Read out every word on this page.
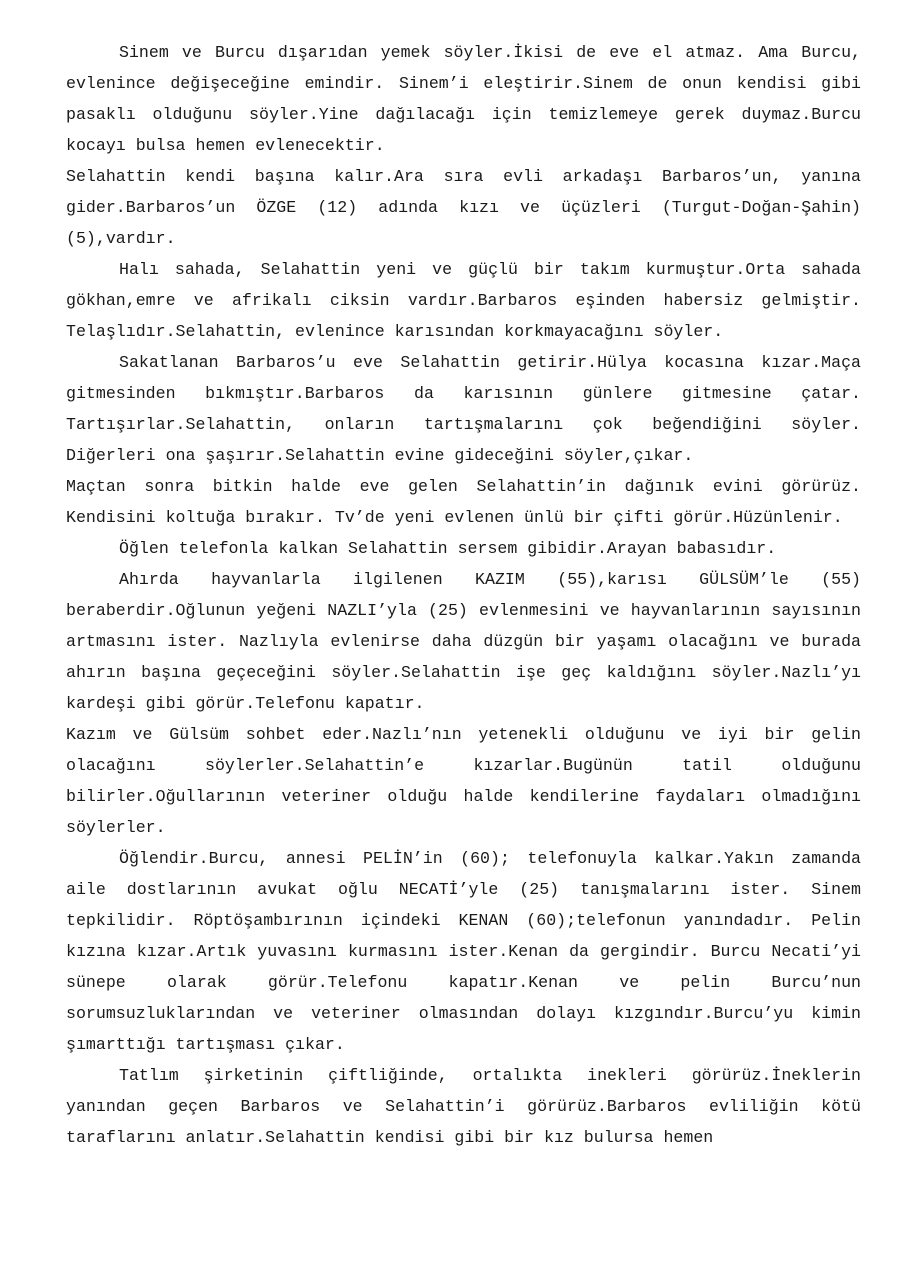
Sinem ve Burcu dışarıdan yemek söyler.İkisi de eve el atmaz. Ama Burcu, evlenince değişeceğine emindir. Sinem’i eleştirir.Sinem de onun kendisi gibi pasaklı olduğunu söyler.Yine dağılacağı için temizlemeye gerek duymaz.Burcu kocayı bulsa hemen evlenecektir.

Selahattin kendi başına kalır.Ara sıra evli arkadaşı Barbaros’un, yanına gider.Barbaros’un ÖZGE (12) adında kızı ve üçüzleri (Turgut-Doğan-Şahin)(5),vardır.

Halı sahada, Selahattin yeni ve güçlü bir takım kurmuştur.Orta sahada gökhan,emre ve afrikalı ciksin vardır.Barbaros eşinden habersiz gelmiştir. Telaşlıdır.Selahattin, evlenince karısından korkmayacağını söyler.

Sakatlanan Barbaros’u eve Selahattin getirir.Hülya kocasına kızar.Maça gitmesinden bıkmıştır.Barbaros da karısının günlere gitmesine çatar. Tartışırlar.Selahattin, onların tartışmalarını çok beğendiğini söyler. Diğerleri ona şaşırır.Selahattin evine gideceğini söyler,çıkar.

Maçtan sonra bitkin halde eve gelen Selahattin’in dağınık evini görürüz. Kendisini koltuğa bırakır. Tv’de yeni evlenen ünlü bir çifti görür.Hüzünlenir.

Öğlen telefonla kalkan Selahattin sersem gibidir.Arayan babasıdır.

Ahırda hayvanlarla ilgilenen KAZIM (55),karısı GÜLSÜM’le (55) beraberdir.Oğlunun yeğeni NAZLI’yla (25) evlenmesini ve hayvanlarının sayısının artmasını ister. Nazlıyla evlenirse daha düzgün bir yaşamı olacağını ve burada ahırın başına geçeceğini söyler.Selahattin işe geç kaldığını söyler.Nazlı’yı kardeşi gibi görür.Telefonu kapatır.

Kazım ve Gülsüm sohbet eder.Nazlı’nın yetenekli olduğunu ve iyi bir gelin olacağını söylerler.Selahattin’e kızarlar.Bugünün tatil olduğunu bilirler.Oğullarının veteriner olduğu halde kendilerine faydaları olmadığını söylerler.

Öğlendir.Burcu, annesi PELİN’in (60); telefonuyla kalkar.Yakın zamanda aile dostlarının avukat oğlu NECATİ’yle (25) tanışmalarını ister. Sinem tepkilidir. Röptöşambırının içindeki KENAN (60);telefonun yanındadır. Pelin kızına kızar.Artık yuvasını kurmasını ister.Kenan da gergindir. Burcu Necati’yi sünepe olarak görür.Telefonu kapatır.Kenan ve pelin Burcu’nun sorumsuzluklarından ve veteriner olmasından dolayı kızgındır.Burcu’yu kimin şımarttığı tartışması çıkar.

Tatlım şirketinin çiftliğinde, ortalıkta inekleri görürüz.İneklerin yanından geçen Barbaros ve Selahattin’i görürüz.Barbaros evliliğin kötü taraflarını anlatır.Selahattin kendisi gibi bir kız bulursa hemen
